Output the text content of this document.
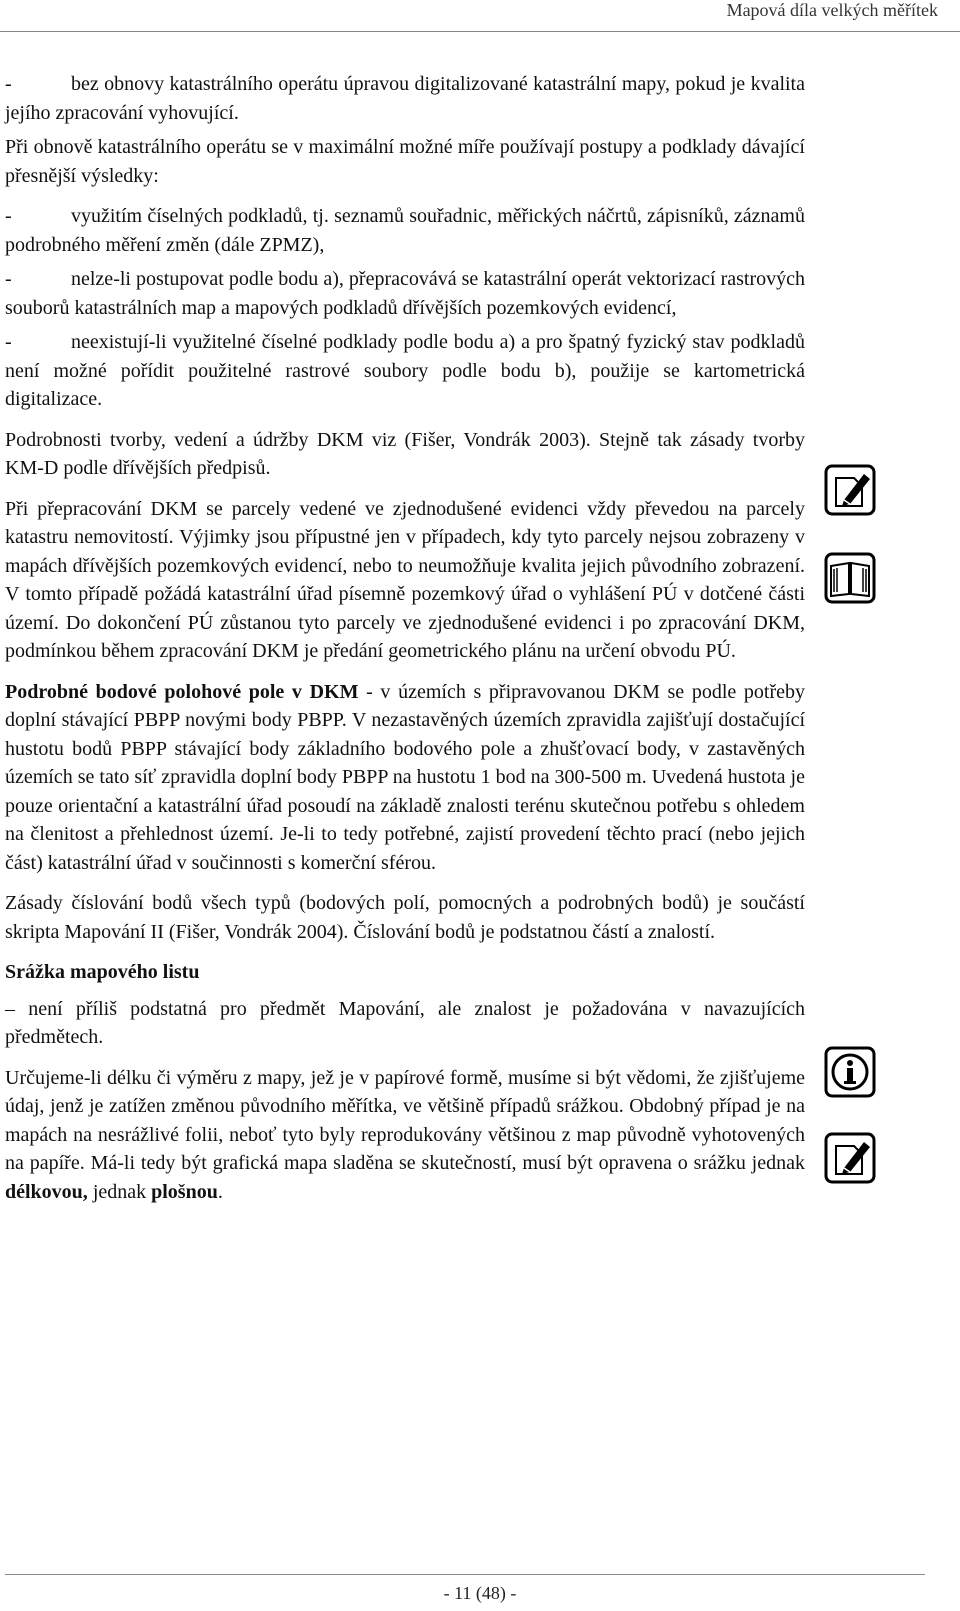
Mapová díla velkých měřítek

-	bez obnovy katastrálního operátu úpravou digitalizované katastrální mapy, pokud je kvalita jejího zpracování vyhovující.

Při obnově katastrálního operátu se v maximální možné míře používají postupy a podklady dávající přesnější výsledky:

-	využitím číselných podkladů, tj. seznamů souřadnic, měřických náčrtů, zápisníků, záznamů podrobného měření změn (dále ZPMZ),

-	nelze-li postupovat podle bodu a), přepracovává se katastrální operát vektorizací rastrových souborů katastrálních map a mapových podkladů dřívějších pozemkových evidencí,

-	neexistují-li využitelné číselné podklady podle bodu a) a pro špatný fyzický stav podkladů není možné pořídit použitelné rastrové soubory podle bodu b), použije se kartometrická digitalizace.

Podrobnosti tvorby, vedení a údržby DKM viz (Fišer, Vondrák 2003). Stejně tak zásady tvorby KM-D podle dřívějších předpisů.

Při přepracování DKM se parcely vedené ve zjednodušené evidenci vždy převedou na parcely katastru nemovitostí. Výjimky jsou přípustné jen v případech, kdy tyto parcely nejsou zobrazeny v mapách dřívějších pozemkových evidencí, nebo to neumožňuje kvalita jejich původního zobrazení. V tomto případě požádá katastrální úřad písemně pozemkový úřad o vyhlášení PÚ v dotčené části území. Do dokončení PÚ zůstanou tyto parcely ve zjednodušené evidenci i po zpracování DKM, podmínkou během zpracování DKM je předání geometrického plánu na určení obvodu PÚ.

Podrobné bodové polohové pole v DKM - v územích s připravovanou DKM se podle potřeby doplní stávající PBPP novými body PBPP. V nezastavěných územích zpravidla zajišťují dostačující hustotu bodů PBPP stávající body základního bodového pole a zhušťovací body, v zastavěných územích se tato síť zpravidla doplní body PBPP na hustotu 1 bod na 300-500 m. Uvedená hustota je pouze orientační a katastrální úřad posoudí na základě znalosti terénu skutečnou potřebu s ohledem na členitost a přehlednost území. Je-li to tedy potřebné, zajistí provedení těchto prací (nebo jejich část) katastrální úřad v součinnosti s komerční sférou.

Zásady číslování bodů všech typů (bodových polí, pomocných a podrobných bodů) je součástí skripta Mapování II (Fišer, Vondrák 2004). Číslování bodů je podstatnou částí a znalostí.

Srážka mapového listu

– není příliš podstatná pro předmět Mapování, ale znalost je požadována v navazujících předmětech.

Určujeme-li délku či výměru z mapy, jež je v papírové formě, musíme si být vědomi, že zjišťujeme údaj, jenž je zatížen změnou původního měřítka, ve většině případů srážkou. Obdobný případ je na mapách na nesrážlivé folii, neboť tyto byly reprodukovány většinou z map původně vyhotovených na papíře. Má-li tedy být grafická mapa sladěna se skutečností, musí být opravena o srážku jednak délkovou, jednak plošnou.

- 11 (48) -
